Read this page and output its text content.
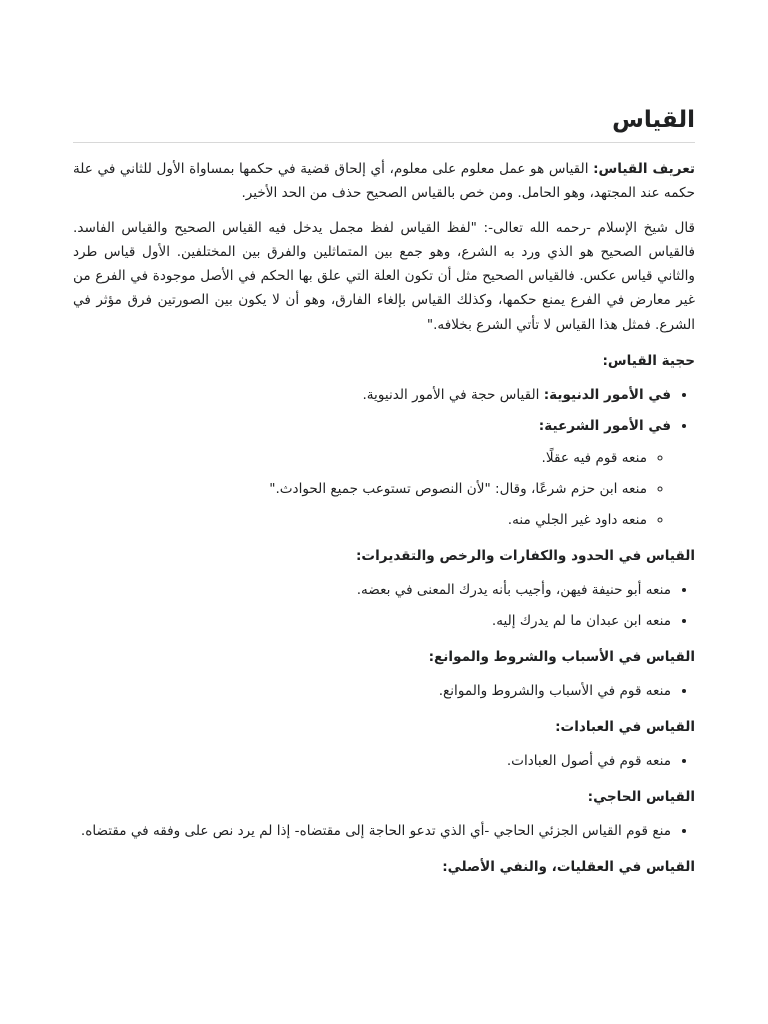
القياس

تعريف القياس: القياس هو عمل معلوم على معلوم، أي إلحاق قضية في حكمها بمساواة الأول للثاني في علة حكمه عند المجتهد، وهو الحامل. ومن خص بالقياس الصحيح حذف من الحد الأخير.

قال شيخ الإسلام -رحمه الله تعالى-: "لفظ القياس لفظ مجمل يدخل فيه القياس الصحيح والقياس الفاسد. فالقياس الصحيح هو الذي ورد به الشرع، وهو جمع بين المتماثلين والفرق بين المختلفين. الأول قياس طرد والثاني قياس عكس. فالقياس الصحيح مثل أن تكون العلة التي علق بها الحكم في الأصل موجودة في الفرع من غير معارض في الفرع يمنع حكمها، وكذلك القياس بإلغاء الفارق، وهو أن لا يكون بين الصورتين فرق مؤثر في الشرع. فمثل هذا القياس لا تأتي الشرع بخلافه."

حجية القياس:
• في الأمور الدنيوية: القياس حجة في الأمور الدنيوية.
• في الأمور الشرعية:
◦ منعه قوم فيه عقلًا.
◦ منعه ابن حزم شرعًا، وقال: "لأن النصوص تستوعب جميع الحوادث."
◦ منعه داود غير الجلي منه.
القياس في الحدود والكفارات والرخص والتقديرات:
• منعه أبو حنيفة فيهن، وأجيب بأنه يدرك المعنى في بعضه.
• منعه ابن عبدان ما لم يدرك إليه.
القياس في الأسباب والشروط والموانع:
• منعه قوم في الأسباب والشروط والموانع.
القياس في العبادات:
• منعه قوم في أصول العبادات.
القياس الحاجي:
• منع قوم القياس الجزئي الحاجي -أي الذي تدعو الحاجة إلى مقتضاه- إذا لم يرد نص على وفقه في مقتضاه.
القياس في العقليات، والنفي الأصلي:
